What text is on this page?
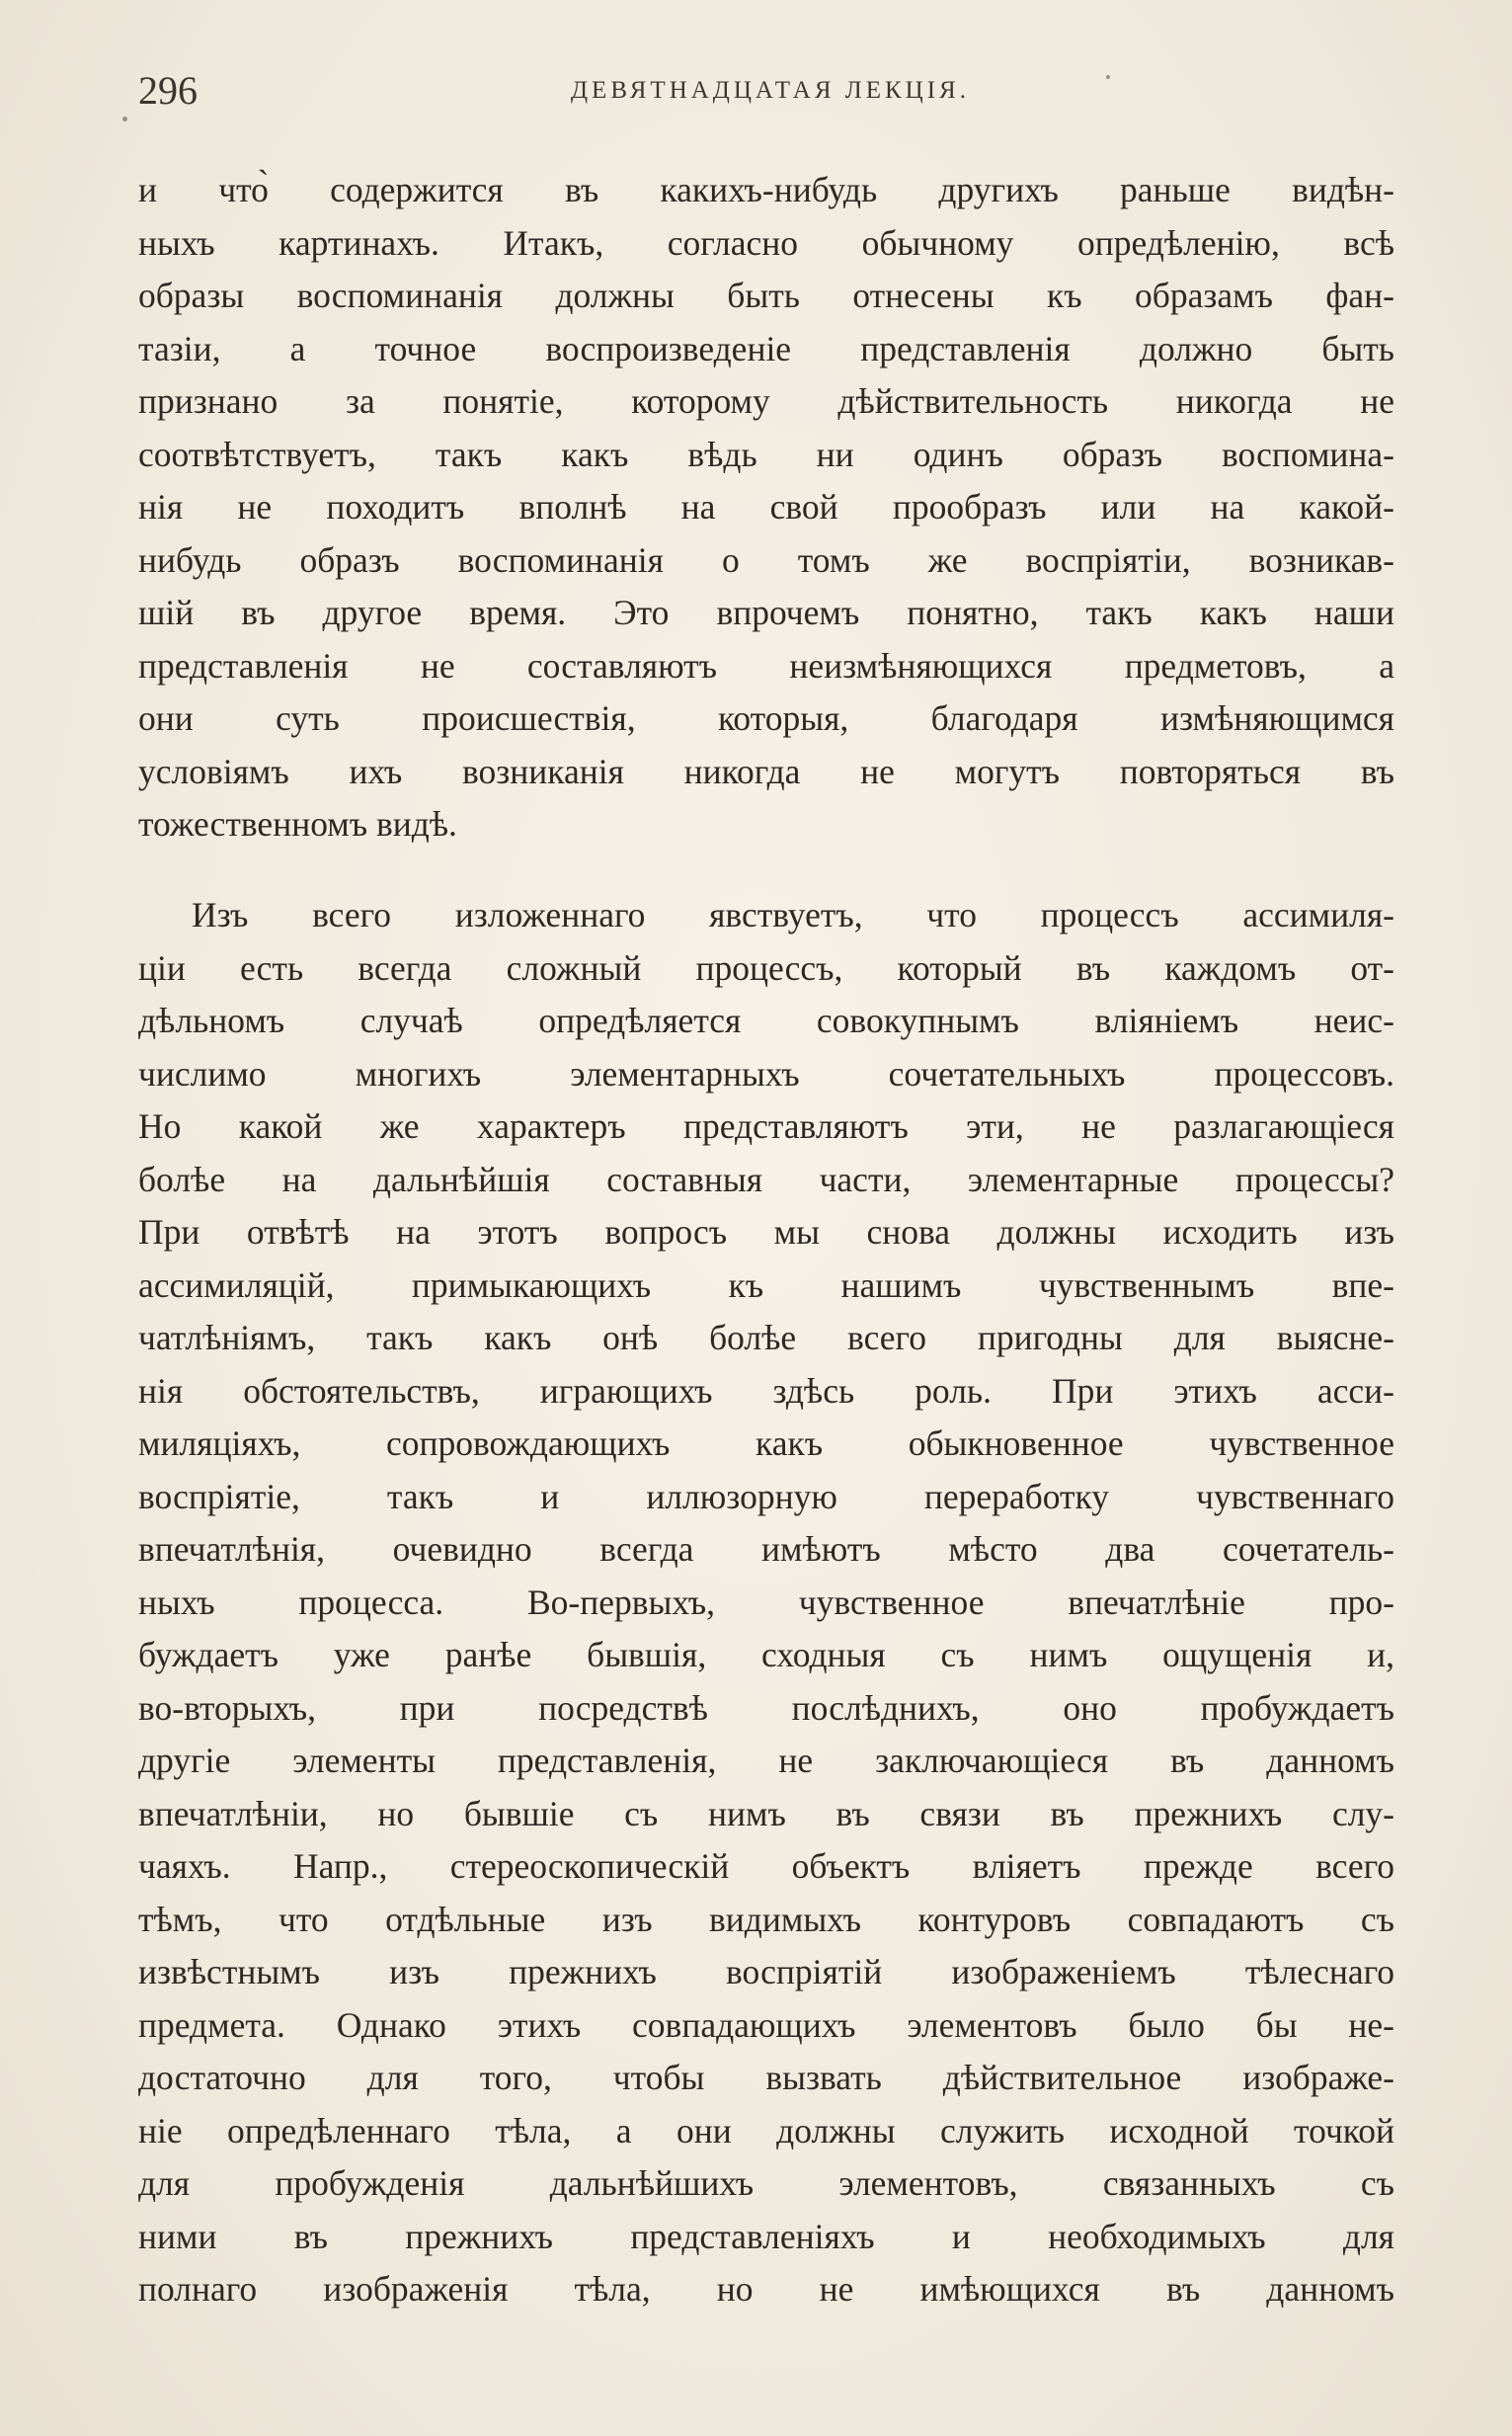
296	ДЕВЯТНАДЦАТАЯ ЛЕКЦІЯ.
и что̀ содержится въ какихъ-нибудь другихъ раньше видѣн-
ныхъ картинахъ. Итакъ, согласно обычному опредѣленію, всѣ
образы воспоминанія должны быть отнесены къ образамъ фан-
тазіи, а точное воспроизведеніе представленія должно быть
признано за понятіе, которому дѣйствительность никогда не
соотвѣтствуетъ, такъ какъ вѣдь ни одинъ образъ воспомина-
нія не походитъ вполнѣ на свой прообразъ или на какой-
нибудь образъ воспоминанія о томъ же воспріятіи, возникав-
шій въ другое время. Это впрочемъ понятно, такъ какъ наши
представленія не составляютъ неизмѣняющихся предметовъ, а
они суть происшествія, которыя, благодаря измѣняющимся
условіямъ ихъ возниканія никогда не могутъ повторяться въ
тожественномъ видѣ.
Изъ всего изложеннаго явствуетъ, что процессъ ассимиля-
ціи есть всегда сложный процессъ, который въ каждомъ от-
дѣльномъ случаѣ опредѣляется совокупнымъ вліяніемъ неис-
числимо многихъ элементарныхъ сочетательныхъ процессовъ.
Но какой же характеръ представляютъ эти, не разлагающіеся
болѣе на дальнѣйшія составныя части, элементарные процессы?
При отвѣтѣ на этотъ вопросъ мы снова должны исходить изъ
ассимиляцій, примыкающихъ къ нашимъ чувственнымъ впе-
чатлѣніямъ, такъ какъ онѣ болѣе всего пригодны для выясне-
нія обстоятельствъ, играющихъ здѣсь роль. При этихъ асси-
миляціяхъ, сопровождающихъ какъ обыкновенное чувственное
воспріятіе, такъ и иллюзорную переработку чувственнаго
впечатлѣнія, очевидно всегда имѣютъ мѣсто два сочетатель-
ныхъ процесса. Во-первыхъ, чувственное впечатлѣніе про-
буждаетъ уже ранѣе бывшія, сходныя съ нимъ ощущенія и,
во-вторыхъ, при посредствѣ послѣднихъ, оно пробуждаетъ
другіе элементы представленія, не заключающіеся въ данномъ
впечатлѣніи, но бывшіе съ нимъ въ связи въ прежнихъ слу-
чаяхъ. Напр., стереоскопическій объектъ вліяетъ прежде всего
тѣмъ, что отдѣльные изъ видимыхъ контуровъ совпадаютъ съ
извѣстнымъ изъ прежнихъ воспріятій изображеніемъ тѣлеснаго
предмета. Однако этихъ совпадающихъ элементовъ было бы не-
достаточно для того, чтобы вызвать дѣйствительное изображе-
ніе опредѣленнаго тѣла, а они должны служить исходной точкой
для пробужденія дальнѣйшихъ элементовъ, связанныхъ съ
ними въ прежнихъ представленіяхъ и необходимыхъ для
полнаго изображенія тѣла, но не имѣющихся въ данномъ
